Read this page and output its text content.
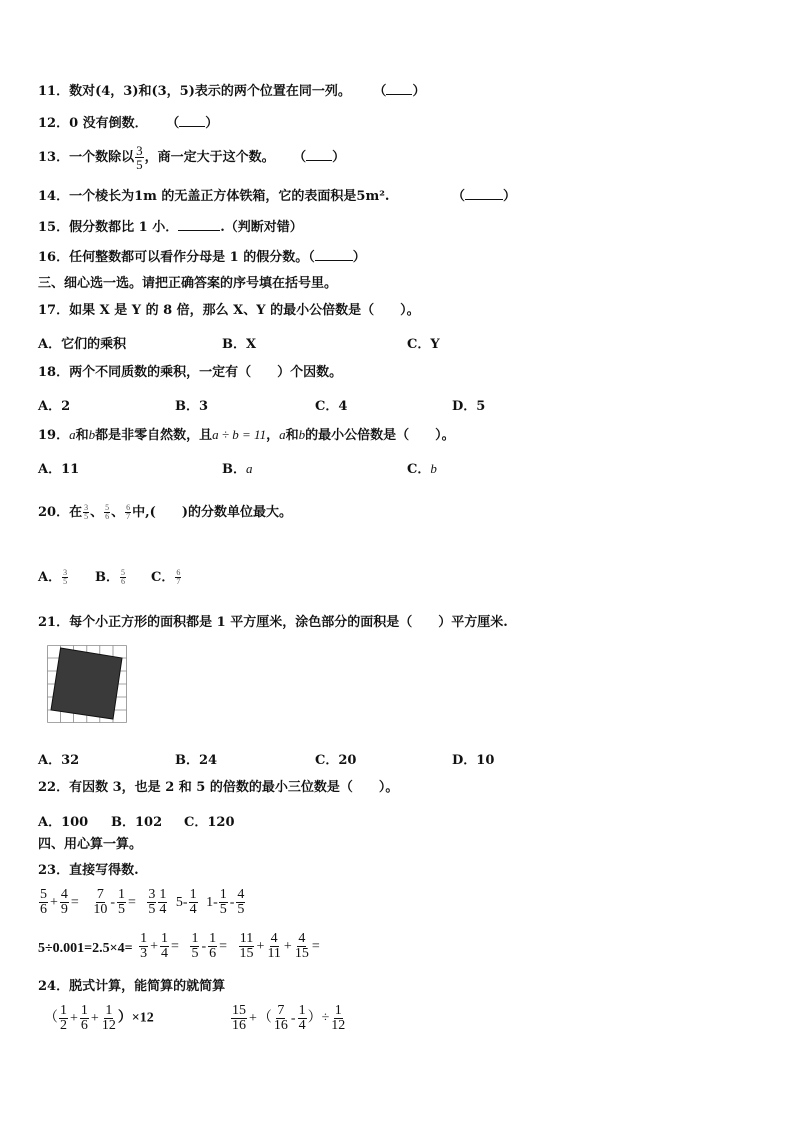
11．数对(4，3)和(3，5)表示的两个位置在同一列。 （ ）
12．0 没有倒数． （ ）
13．一个数除以 $\frac{3}{5}$ ，商一定大于这个数。 （ ）
14．一个棱长为1m 的无盖正方体铁箱，它的表面积是5m².	（	）
15．假分数都比 1 小．	.（判断对错）
16．任何整数都可以看作分母是 1 的假分数。（	）
三、细心选一选。请把正确答案的序号填在括号里。
17．如果 X 是 Y 的 8 倍，那么 X、Y 的最小公倍数是（　　）。
A．它们的乘积	B．X	C．Y
18．两个不同质数的乘积，一定有（　　）个因数。
A．2	B．3	C．4	D．5
19．a和b都是非零自然数，且a ÷ b = 11，a和b的最小公倍数是（　　）。
A．11	B．a	C．b
20．在 $\frac{3}{5}$ 、 $\frac{5}{6}$ 、 $\frac{6}{7}$ 中,(　　)的分数单位最大。
A． $\frac{3}{5}$ B． $\frac{5}{6}$ C． $\frac{6}{7}$
21．每个小正方形的面积都是 1 平方厘米，涂色部分的面积是（　　）平方厘米.
A．32	B．24	C．20	D．10
22．有因数 3，也是 2 和 5 的倍数的最小三位数是（　　）。
A．100 B．102 C．120
四、用心算一算。
23．直接写得数.
$\frac{5}{6} + \frac{4}{9} = \frac{7}{10} - \frac{1}{5} = \frac{3}{5} \frac{1}{4} 5- \frac{1}{4} 1- \frac{1}{5} - \frac{4}{5}$
$5\div 0.001=2.5\times 4= \frac{1}{3} + \frac{1}{4} = \frac{1}{5} - \frac{1}{6} = \frac{11}{15} + \frac{4}{11} + \frac{4}{15}$ =
24．脱式计算，能简算的就简算
（ $\frac{1}{2} + \frac{1}{6} + \frac{1}{12} )\times 12$	$\frac{15}{16}$ +（ $\frac{7}{16} - \frac{1}{4}$ ）÷ $\frac{1}{12}$
